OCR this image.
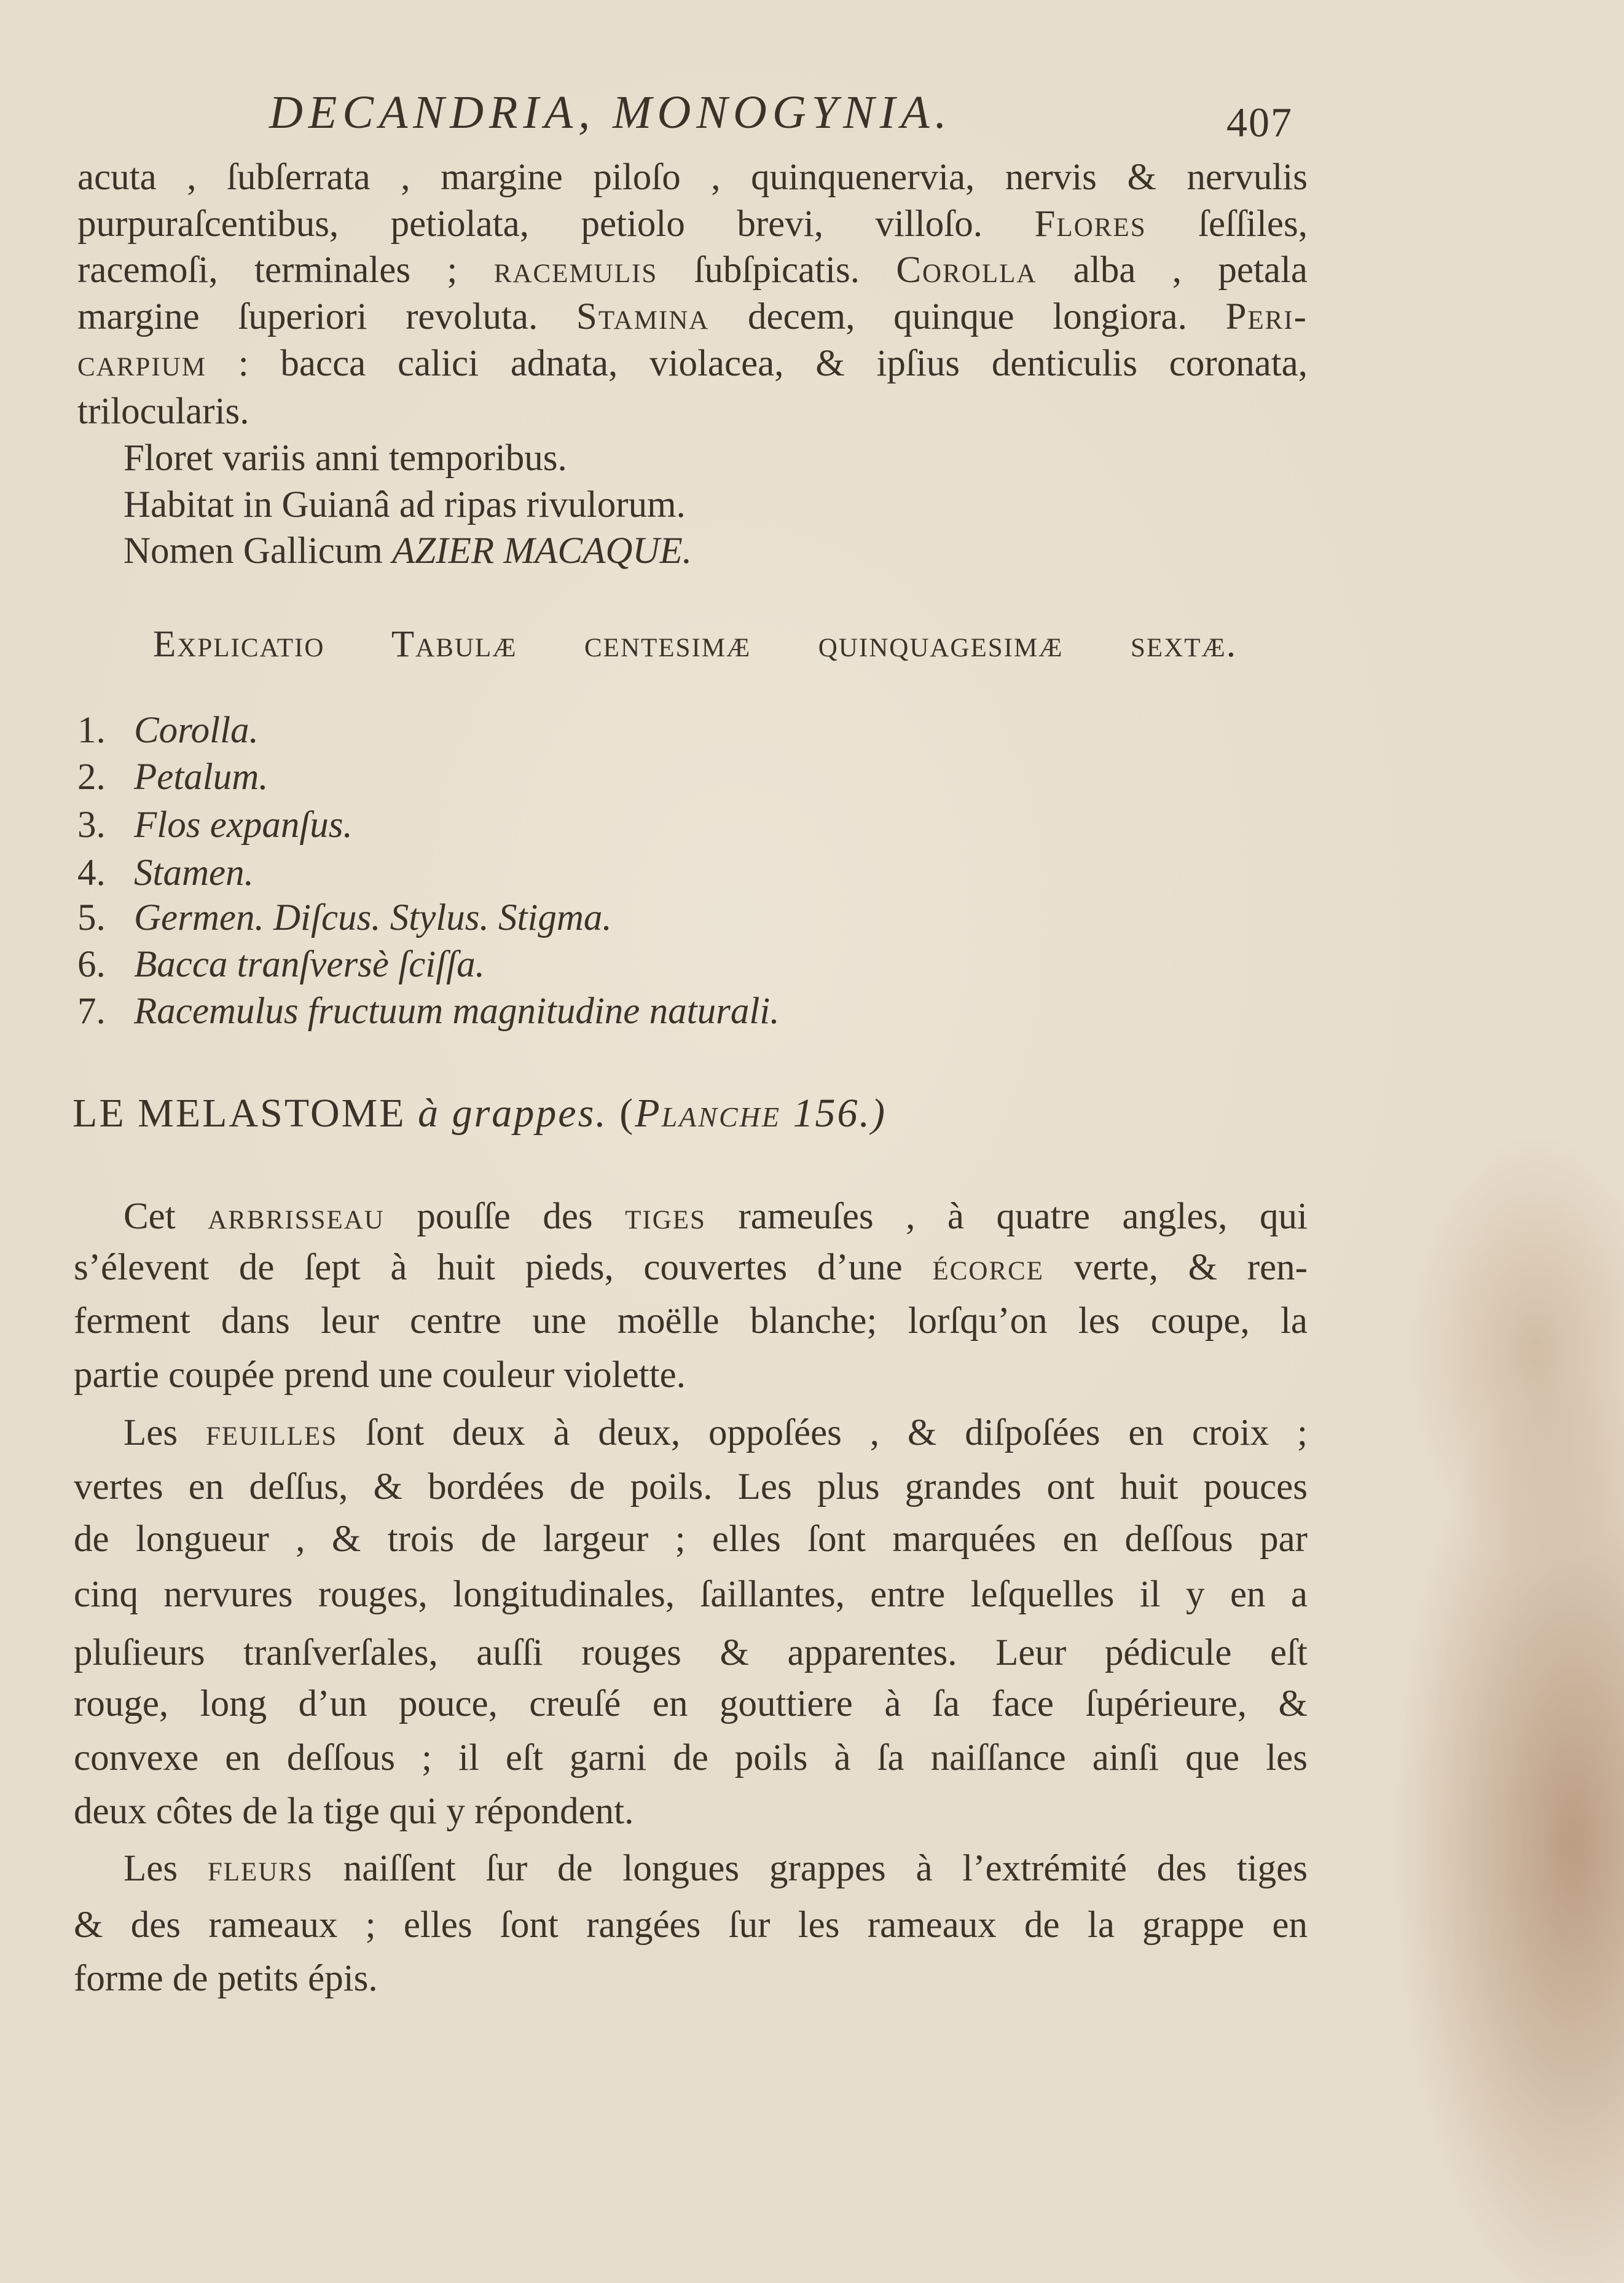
DECANDRIA, MONOGYNIA.	407
acuta , ſubſerrata , margine piloſo , quinquenervia, nervis & nervulis
purpuraſcentibus, petiolata, petiolo brevi, villoſo. Flores ſeſſiles,
racemoſi, terminales ; racemulis ſubſpicatis. Corolla alba , petala
margine ſuperiori revoluta. Stamina decem, quinque longiora. Peri-
carpium : bacca calici adnata, violacea, & ipſius denticulis coronata,
trilocularis.
Floret variis anni temporibus.
Habitat in Guianâ ad ripas rivulorum.
Nomen Gallicum AZIER MACAQUE.
Explicatio Tabulæ centesimæ quinquagesimæ sextæ.
1. Corolla.
2. Petalum.
3. Flos expanſus.
4. Stamen.
5. Germen. Diſcus. Stylus. Stigma.
6. Bacca tranſversè ſciſſa.
7. Racemulus fructuum magnitudine naturali.
LE MELASTOME à grappes. (Planche 156.)
Cet arbrisseau pouſſe des tiges rameuſes , à quatre angles, qui
s’élevent de ſept à huit pieds, couvertes d’une écorce verte, & ren-
ferment dans leur centre une moëlle blanche; lorſqu’on les coupe, la
partie coupée prend une couleur violette.
Les feuilles ſont deux à deux, oppoſées , & diſpoſées en croix ;
vertes en deſſus, & bordées de poils. Les plus grandes ont huit pouces
de longueur , & trois de largeur ; elles ſont marquées en deſſous par
cinq nervures rouges, longitudinales, ſaillantes, entre leſquelles il y en a
pluſieurs tranſverſales, auſſi rouges & apparentes. Leur pédicule eſt
rouge, long d’un pouce, creuſé en gouttiere à ſa face ſupérieure, &
convexe en deſſous ; il eſt garni de poils à ſa naiſſance ainſi que les
deux côtes de la tige qui y répondent.
Les fleurs naiſſent ſur de longues grappes à l’extrémité des tiges
& des rameaux ; elles ſont rangées ſur les rameaux de la grappe en
forme de petits épis.
